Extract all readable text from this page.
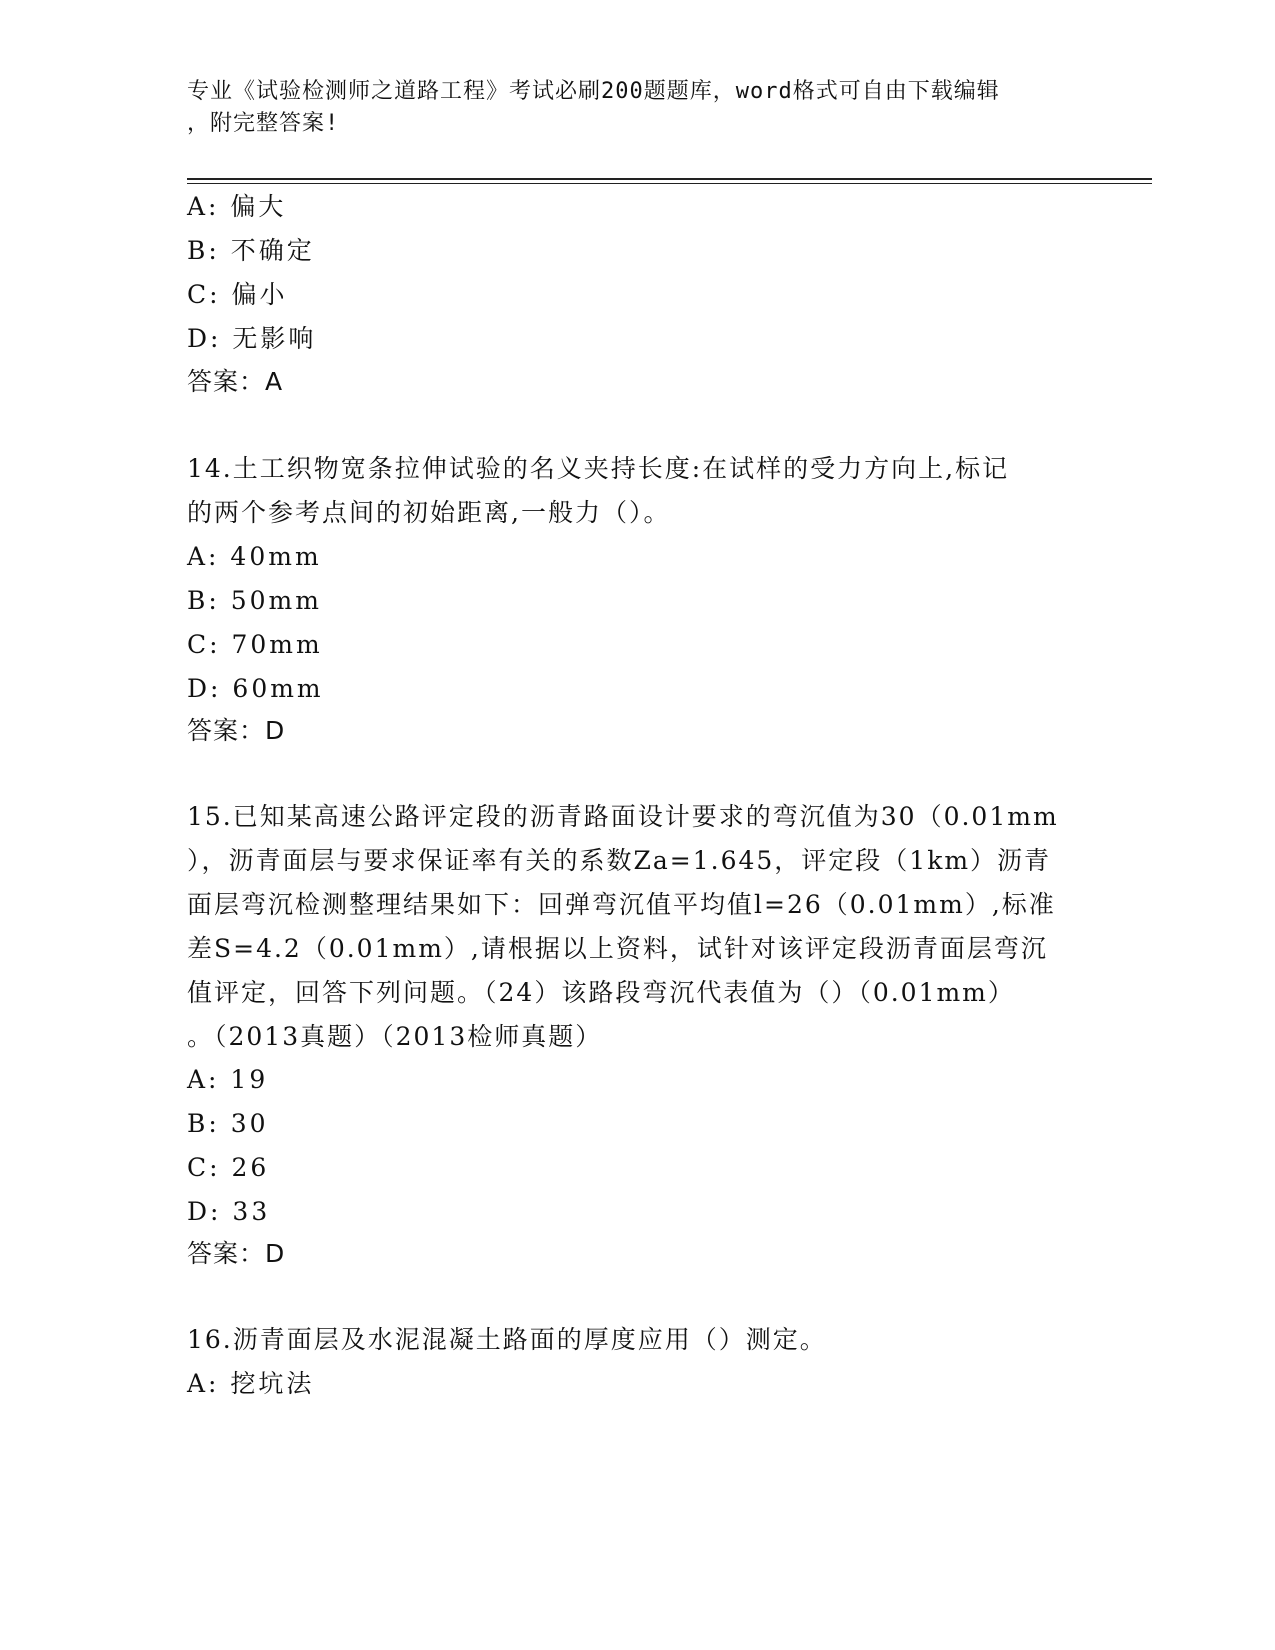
专业《试验检测师之道路工程》考试必刷200题题库，word格式可自由下载编辑
，附完整答案!
A: 偏大
B: 不确定
C: 偏小
D: 无影响
答案：A
14.土工织物宽条拉伸试验的名义夹持长度:在试样的受力方向上,标记
的两个参考点间的初始距离,一般力（）。
A: 40mm
B: 50mm
C: 70mm
D: 60mm
答案：D
15.已知某高速公路评定段的沥青路面设计要求的弯沉值为30（0.01mm
），沥青面层与要求保证率有关的系数Za=1.645，评定段（1km）沥青
面层弯沉检测整理结果如下：回弹弯沉值平均值l=26（0.01mm）,标准
差S=4.2（0.01mm）,请根据以上资料，试针对该评定段沥青面层弯沉
值评定，回答下列问题。（24）该路段弯沉代表值为（）（0.01mm）
。（2013真题）（2013检师真题）
A: 19
B: 30
C: 26
D: 33
答案：D
16.沥青面层及水泥混凝土路面的厚度应用（）测定。
A: 挖坑法
